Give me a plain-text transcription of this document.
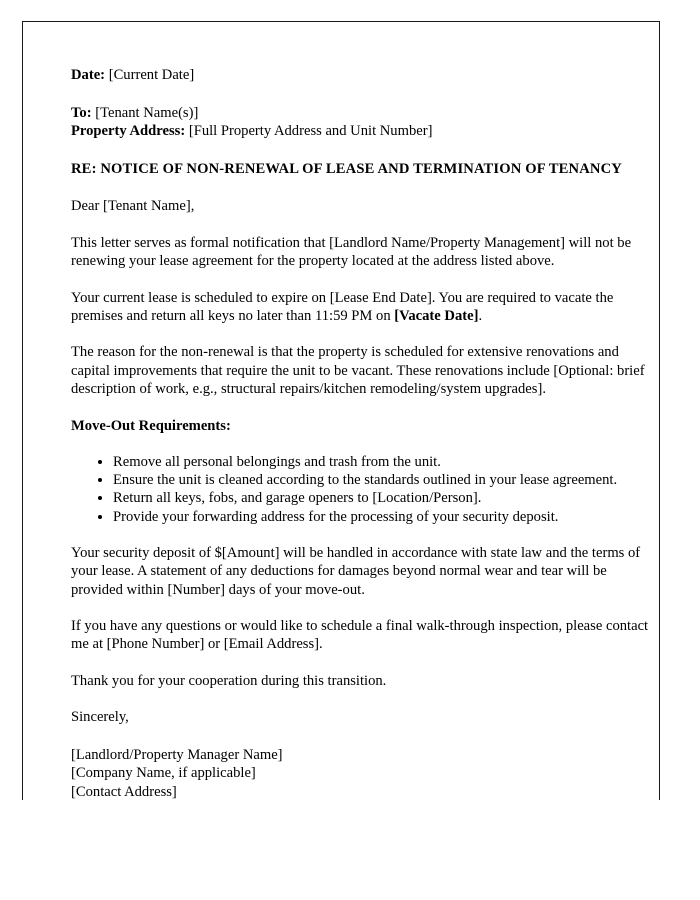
Date: [Current Date]

To: [Tenant Name(s)]

Property Address: [Full Property Address and Unit Number]

RE: NOTICE OF NON-RENEWAL OF LEASE AND TERMINATION OF TENANCY

Dear [Tenant Name],

This letter serves as formal notification that [Landlord Name/Property Management] will not be renewing your lease agreement for the property located at the address listed above.

Your current lease is scheduled to expire on [Lease End Date]. You are required to vacate the premises and return all keys no later than 11:59 PM on [Vacate Date].

The reason for the non-renewal is that the property is scheduled for extensive renovations and capital improvements that require the unit to be vacant. These renovations include [Optional: brief description of work, e.g., structural repairs/kitchen remodeling/system upgrades].

Move-Out Requirements:

• Remove all personal belongings and trash from the unit.
• Ensure the unit is cleaned according to the standards outlined in your lease agreement.
• Return all keys, fobs, and garage openers to [Location/Person].
• Provide your forwarding address for the processing of your security deposit.

Your security deposit of $[Amount] will be handled in accordance with state law and the terms of your lease. A statement of any deductions for damages beyond normal wear and tear will be provided within [Number] days of your move-out.

If you have any questions or would like to schedule a final walk-through inspection, please contact me at [Phone Number] or [Email Address].

Thank you for your cooperation during this transition.

Sincerely,

[Landlord/Property Manager Name]

[Company Name, if applicable]

[Contact Address]
